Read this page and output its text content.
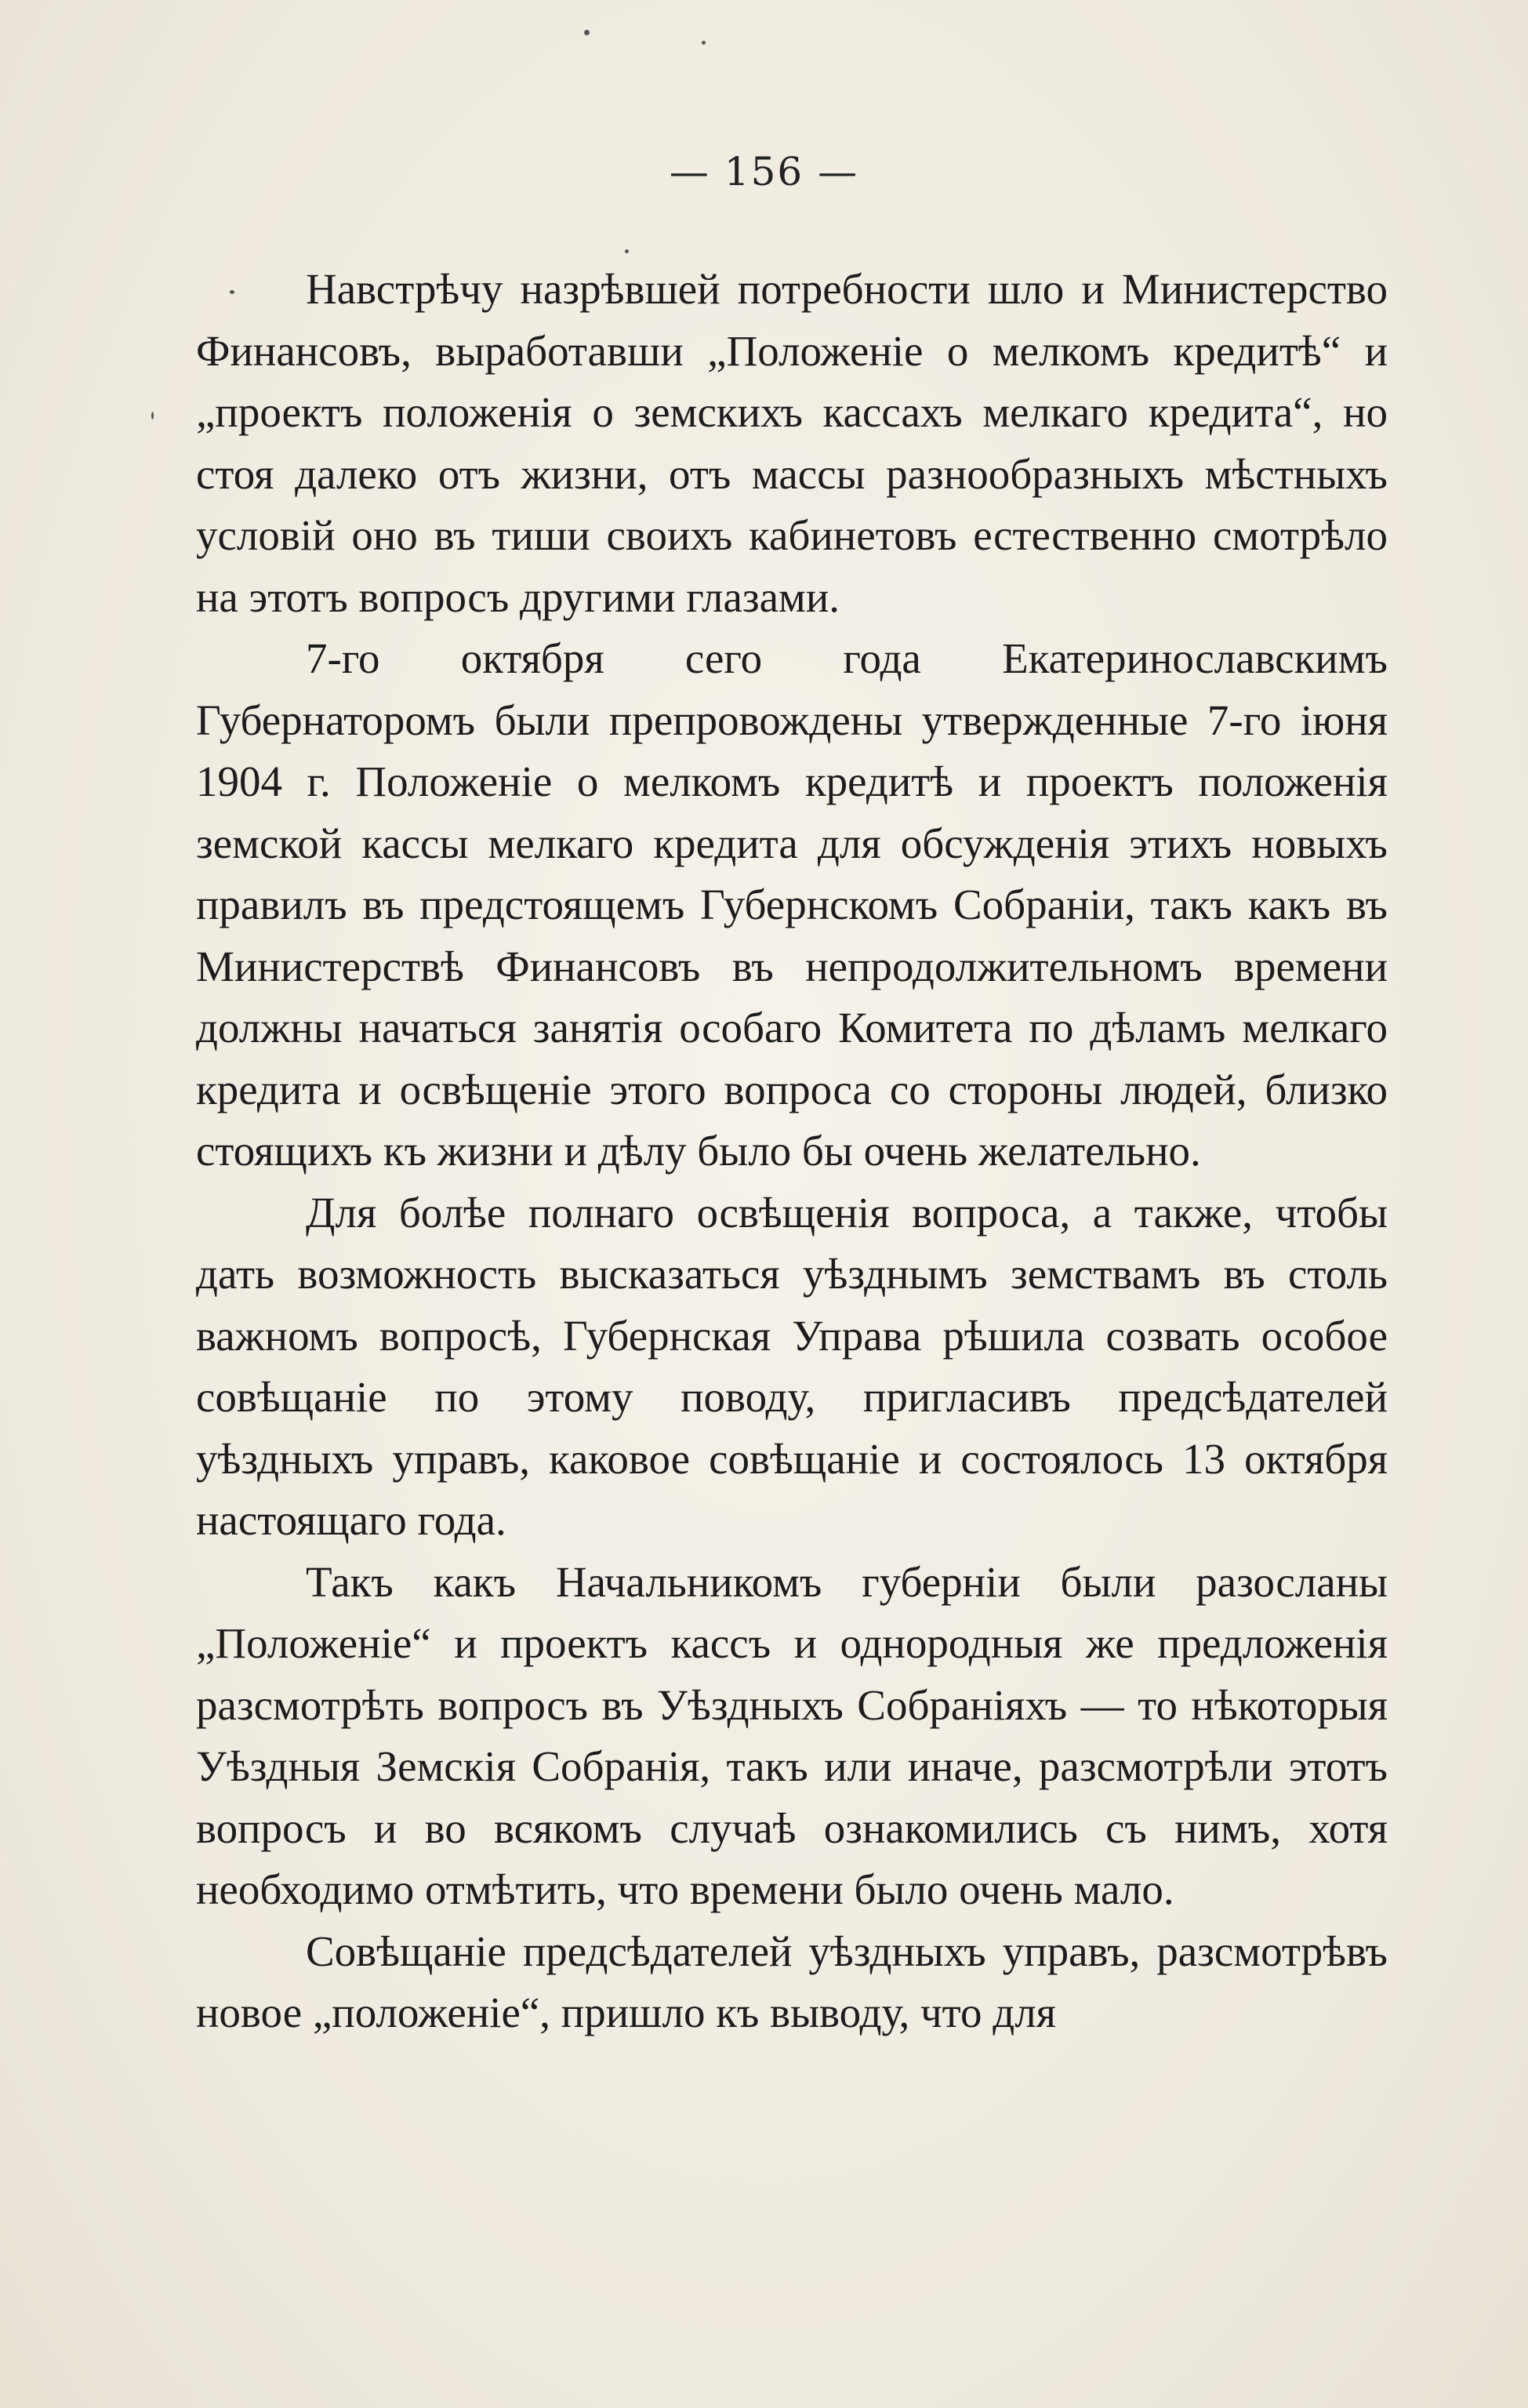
— 156 —

Навстрѣчу назрѣвшей потребности шло и Министерство Финансовъ, выработавши „Положеніе о мелкомъ кредитѣ“ и „проектъ положенія о земскихъ кассахъ мелкаго кредита“, но стоя далеко отъ жизни, отъ массы разнообразныхъ мѣстныхъ условій оно въ тиши своихъ кабинетовъ естественно смотрѣло на этотъ вопросъ другими глазами.

7-го октября сего года Екатеринославскимъ Губернаторомъ были препровождены утвержденные 7-го іюня 1904 г. Положеніе о мелкомъ кредитѣ и проектъ положенія земской кассы мелкаго кредита для обсужденія этихъ новыхъ правилъ въ предстоящемъ Губернскомъ Собраніи, такъ какъ въ Министерствѣ Финансовъ въ непродолжительномъ времени должны начаться занятія особаго Комитета по дѣламъ мелкаго кредита и освѣщеніе этого вопроса со стороны людей, близко стоящихъ къ жизни и дѣлу было бы очень желательно.

Для болѣе полнаго освѣщенія вопроса, а также, чтобы дать возможность высказаться уѣзднымъ земствамъ въ столь важномъ вопросѣ, Губернская Управа рѣшила созвать особое совѣщаніе по этому поводу, пригласивъ предсѣдателей уѣздныхъ управъ, каковое совѣщаніе и состоялось 13 октября настоящаго года.

Такъ какъ Начальникомъ губерніи были разосланы „Положеніе“ и проектъ кассъ и однородныя же предложенія разсмотрѣть вопросъ въ Уѣздныхъ Собраніяхъ — то нѣкоторыя Уѣздныя Земскія Собранія, такъ или иначе, разсмотрѣли этотъ вопросъ и во всякомъ случаѣ ознакомились съ нимъ, хотя необходимо отмѣтить, что времени было очень мало.

Совѣщаніе предсѣдателей уѣздныхъ управъ, разсмотрѣвъ новое „положеніе“, пришло къ выводу, что для
